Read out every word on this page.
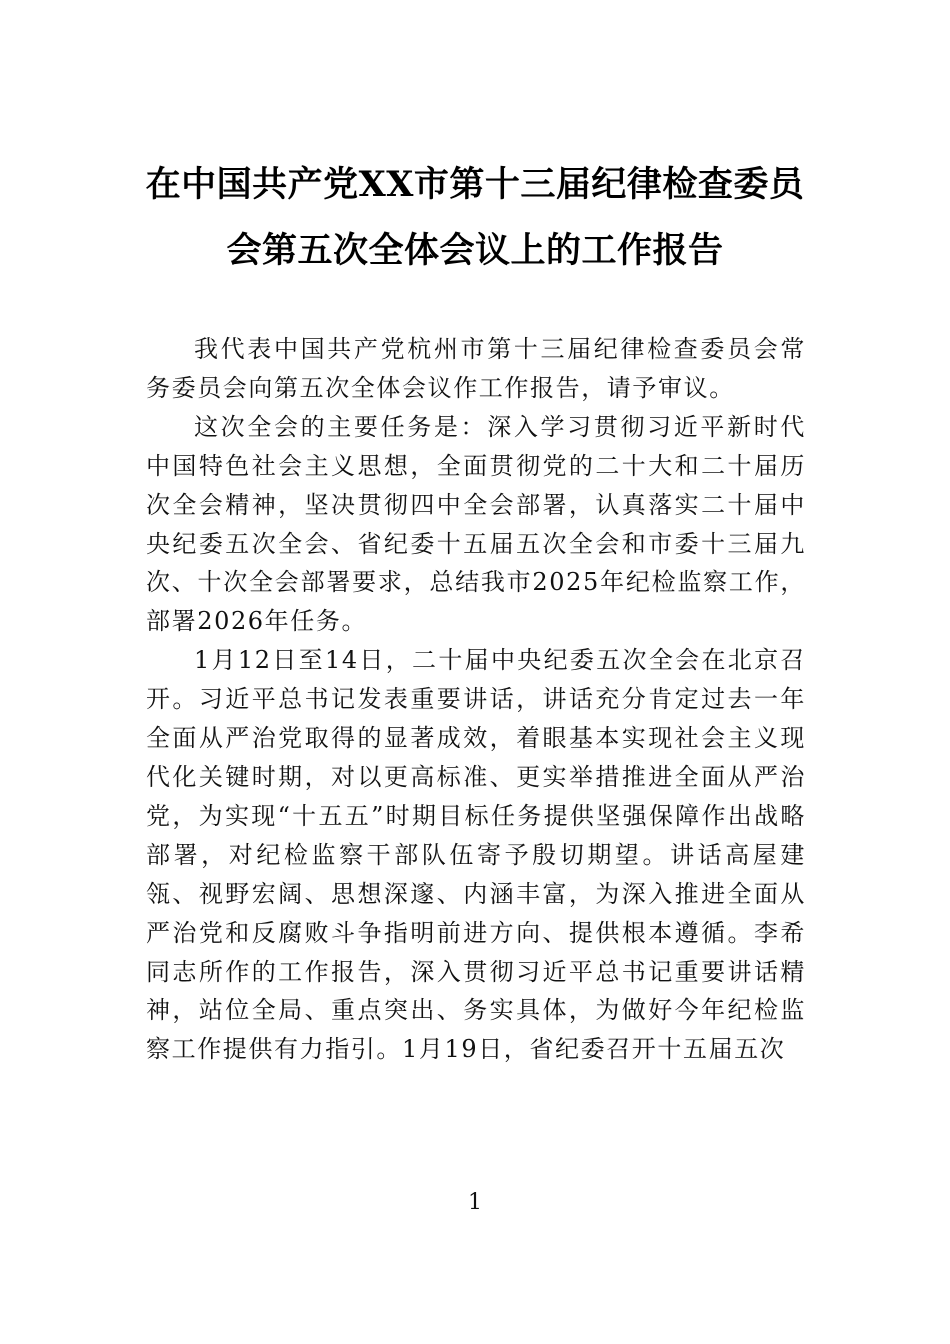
在中国共产党XX市第十三届纪律检查委员
会第五次全体会议上的工作报告

我代表中国共产党杭州市第十三届纪律检查委员会常务委员会向第五次全体会议作工作报告，请予审议。

这次全会的主要任务是：深入学习贯彻习近平新时代中国特色社会主义思想，全面贯彻党的二十大和二十届历次全会精神，坚决贯彻四中全会部署，认真落实二十届中央纪委五次全会、省纪委十五届五次全会和市委十三届九次、十次全会部署要求，总结我市2025年纪检监察工作，部署2026年任务。

1月12日至14日，二十届中央纪委五次全会在北京召开。习近平总书记发表重要讲话，讲话充分肯定过去一年全面从严治党取得的显著成效，着眼基本实现社会主义现代化关键时期，对以更高标准、更实举措推进全面从严治党，为实现“十五五”时期目标任务提供坚强保障作出战略部署，对纪检监察干部队伍寄予殷切期望。讲话高屋建瓴、视野宏阔、思想深邃、内涵丰富，为深入推进全面从严治党和反腐败斗争指明前进方向、提供根本遵循。李希同志所作的工作报告，深入贯彻习近平总书记重要讲话精神，站位全局、重点突出、务实具体，为做好今年纪检监察工作提供有力指引。1月19日，省纪委召开十五届五次

1
